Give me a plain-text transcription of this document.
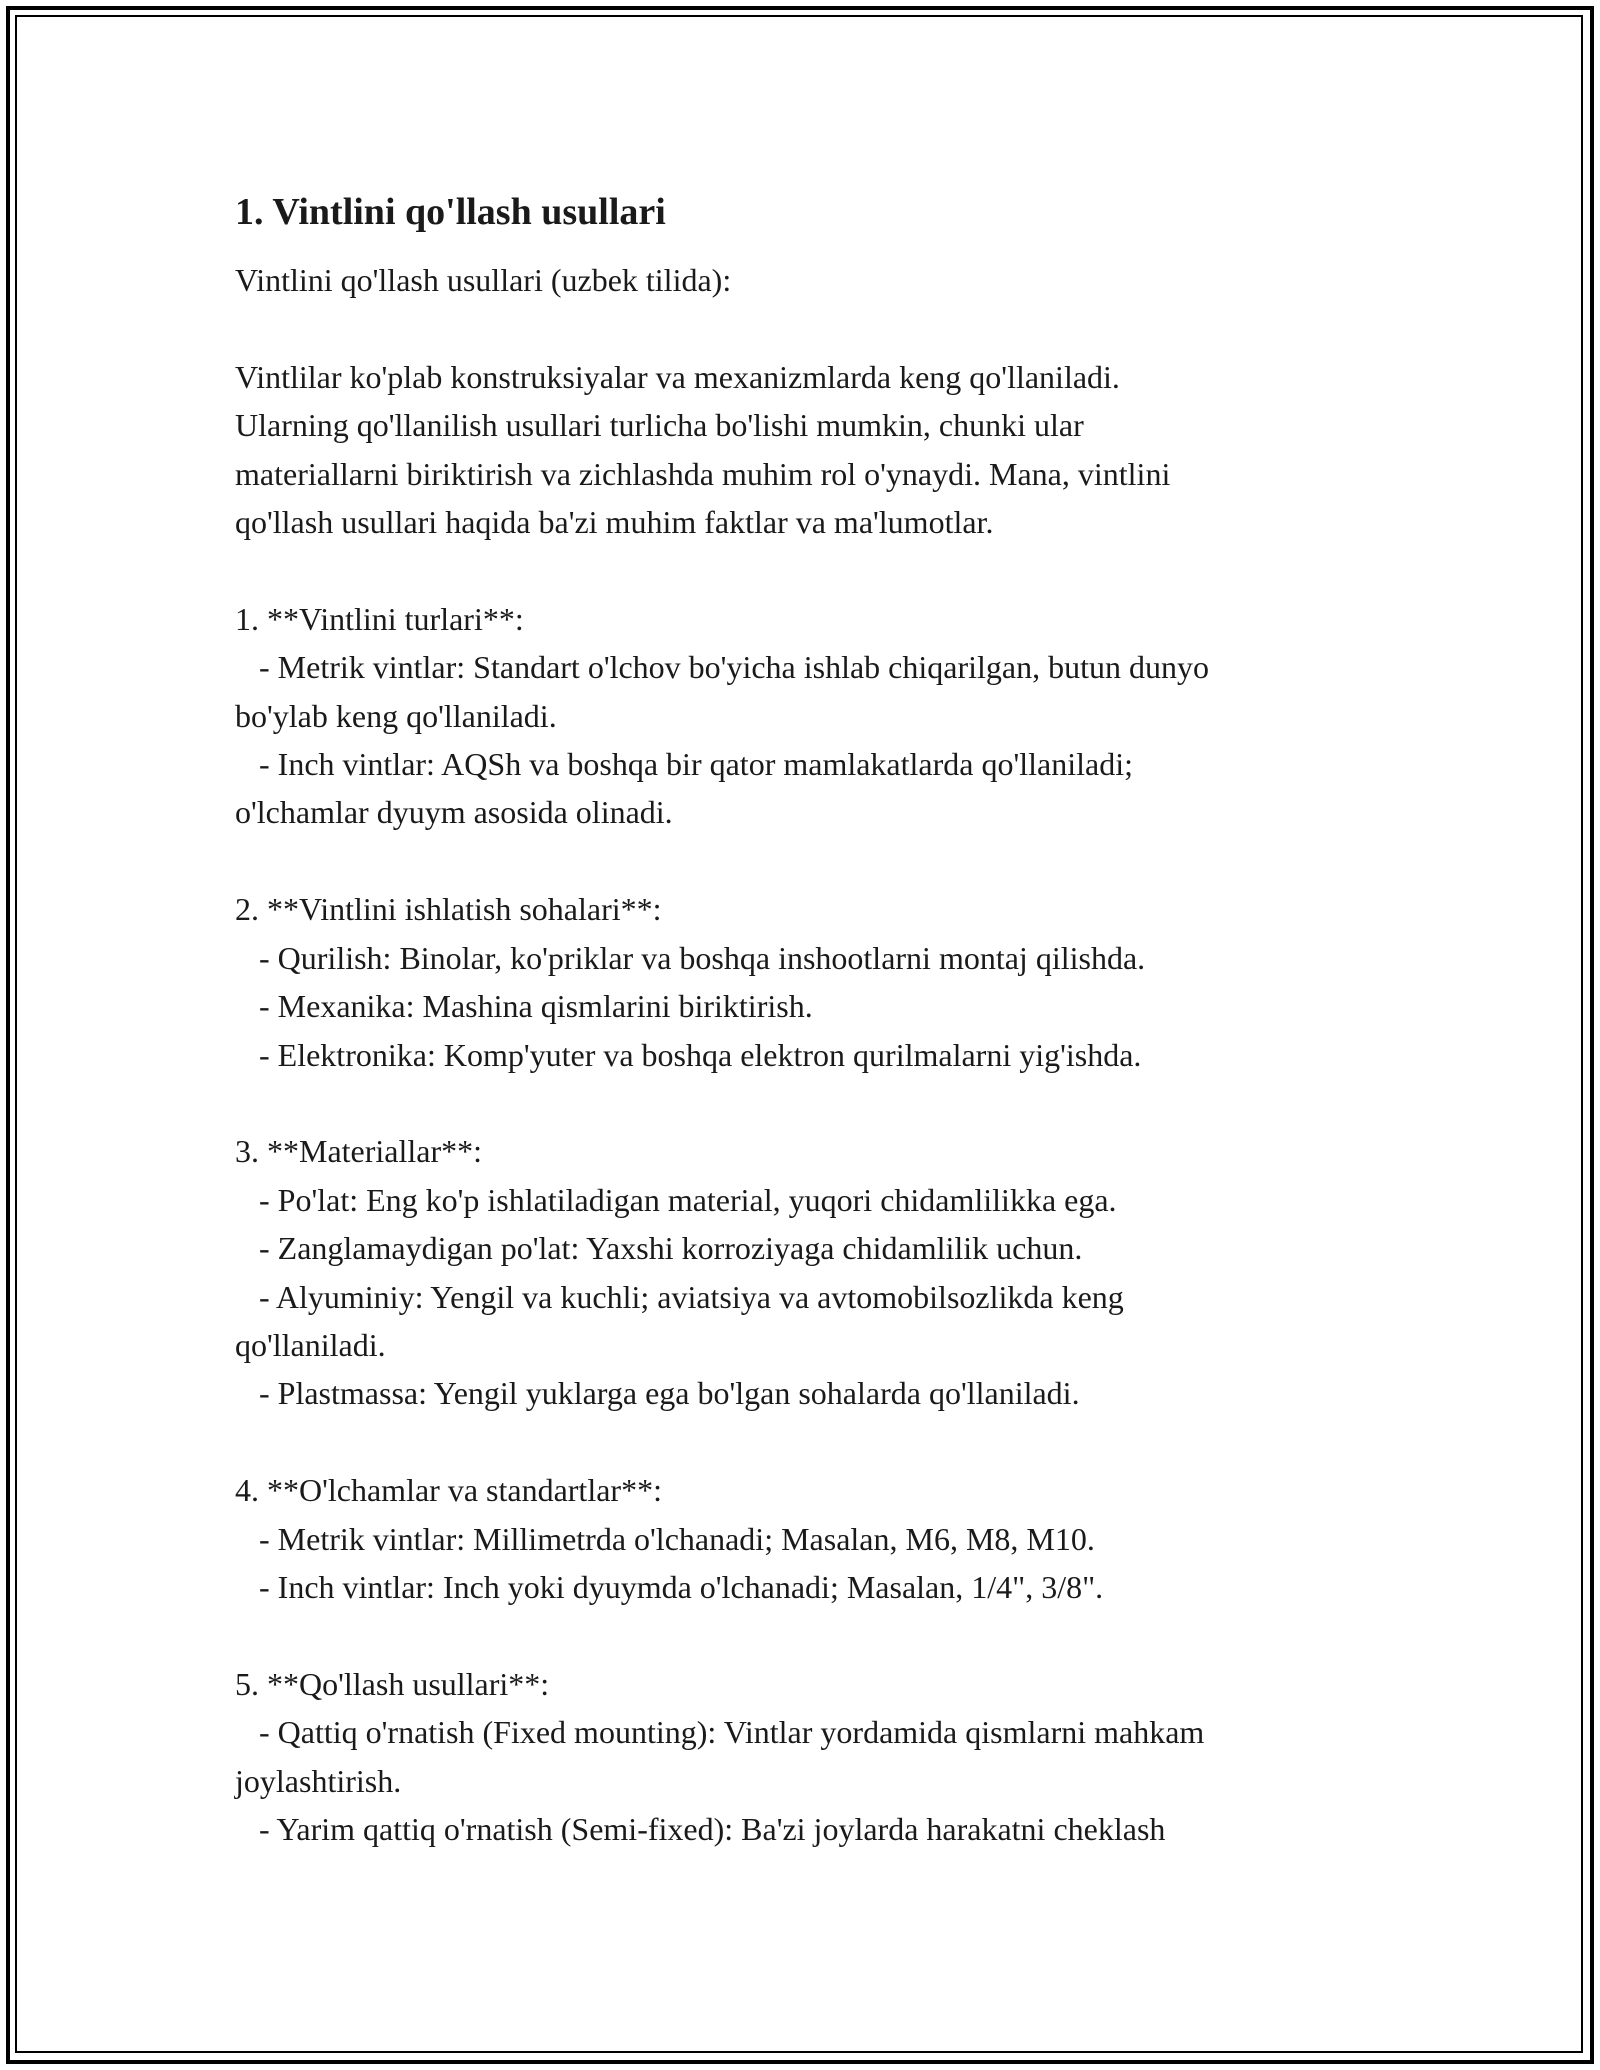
1. Vintlini qo'llash usullari

Vintlini qo'llash usullari (uzbek tilida):

Vintlilar ko'plab konstruksiyalar va mexanizmlarda keng qo'llaniladi.
Ularning qo'llanilish usullari turlicha bo'lishi mumkin, chunki ular
materiallarni biriktirish va zichlashda muhim rol o'ynaydi. Mana, vintlini
qo'llash usullari haqida ba'zi muhim faktlar va ma'lumotlar.

1. **Vintlini turlari**:
- Metrik vintlar: Standart o'lchov bo'yicha ishlab chiqarilgan, butun dunyo
bo'ylab keng qo'llaniladi.
- Inch vintlar: AQSh va boshqa bir qator mamlakatlarda qo'llaniladi;
o'lchamlar dyuym asosida olinadi.

2. **Vintlini ishlatish sohalari**:
- Qurilish: Binolar, ko'priklar va boshqa inshootlarni montaj qilishda.
- Mexanika: Mashina qismlarini biriktirish.
- Elektronika: Komp'yuter va boshqa elektron qurilmalarni yig'ishda.

3. **Materiallar**:
- Po'lat: Eng ko'p ishlatiladigan material, yuqori chidamlilikka ega.
- Zanglamaydigan po'lat: Yaxshi korroziyaga chidamlilik uchun.
- Alyuminiy: Yengil va kuchli; aviatsiya va avtomobilsozlikda keng
qo'llaniladi.
- Plastmassa: Yengil yuklarga ega bo'lgan sohalarda qo'llaniladi.

4. **O'lchamlar va standartlar**:
- Metrik vintlar: Millimetrda o'lchanadi; Masalan, M6, M8, M10.
- Inch vintlar: Inch yoki dyuymda o'lchanadi; Masalan, 1/4", 3/8".

5. **Qo'llash usullari**:
- Qattiq o'rnatish (Fixed mounting): Vintlar yordamida qismlarni mahkam
joylashtirish.
- Yarim qattiq o'rnatish (Semi-fixed): Ba'zi joylarda harakatni cheklash
